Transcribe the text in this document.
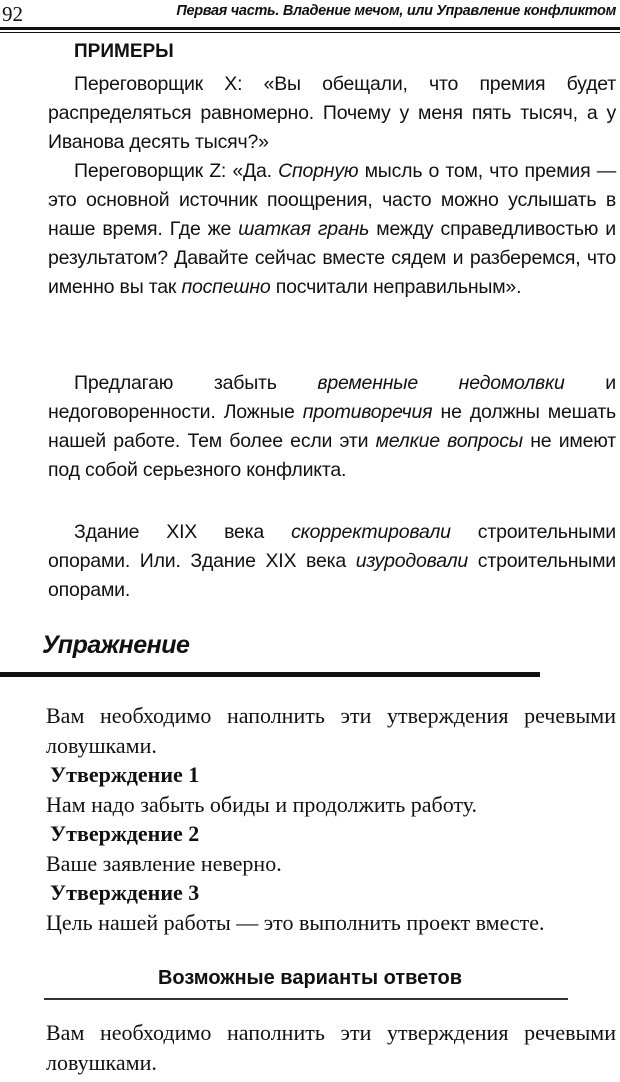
92	Первая часть. Владение мечом, или Управление конфликтом
ПРИМЕРЫ

Переговорщик X: «Вы обещали, что премия будет распределяться равномерно. Почему у меня пять тысяч, а у Иванова десять тысяч?»

Переговорщик Z: «Да. Спорную мысль о том, что премия — это основной источник поощрения, часто можно услышать в наше время. Где же шаткая грань между справедливостью и результатом? Давайте сейчас вместе сядем и разберемся, что именно вы так поспешно посчитали неправильным».

Предлагаю забыть временные недомолвки и недоговоренности. Ложные противоречия не должны мешать нашей работе. Тем более если эти мелкие вопросы не имеют под собой серьезного конфликта.

Здание XIX века скорректировали строительными опорами. Или. Здание XIX века изуродовали строительными опорами.

Упражнение

Вам необходимо наполнить эти утверждения речевыми ловушками.

Утверждение 1

Нам надо забыть обиды и продолжить работу.

Утверждение 2

Ваше заявление неверно.

Утверждение 3

Цель нашей работы — это выполнить проект вместе.

Возможные варианты ответов

Вам необходимо наполнить эти утверждения речевыми ловушками.
